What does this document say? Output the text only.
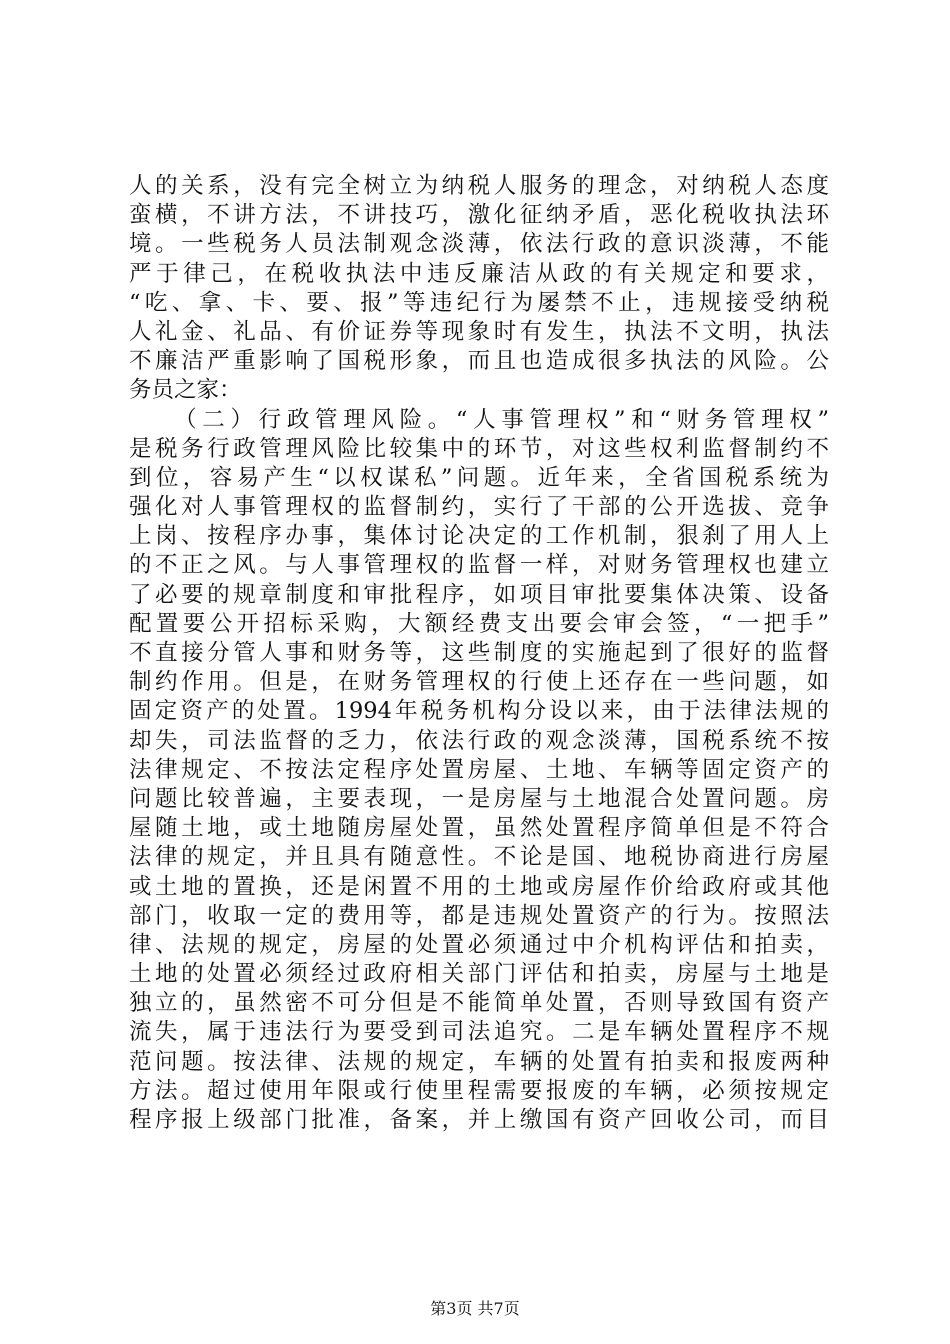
人的关系，没有完全树立为纳税人服务的理念，对纳税人态度
蛮横，不讲方法，不讲技巧，激化征纳矛盾，恶化税收执法环
境。一些税务人员法制观念淡薄，依法行政的意识淡薄，不能
严于律己，在税收执法中违反廉洁从政的有关规定和要求，
“吃、拿、卡、要、报”等违纪行为屡禁不止，违规接受纳税
人礼金、礼品、有价证券等现象时有发生，执法不文明，执法
不廉洁严重影响了国税形象，而且也造成很多执法的风险。公
务员之家：
　　（二）行政管理风险。“人事管理权”和“财务管理权”
是税务行政管理风险比较集中的环节，对这些权利监督制约不
到位，容易产生“以权谋私”问题。近年来，全省国税系统为
强化对人事管理权的监督制约，实行了干部的公开选拔、竞争
上岗、按程序办事，集体讨论决定的工作机制，狠刹了用人上
的不正之风。与人事管理权的监督一样，对财务管理权也建立
了必要的规章制度和审批程序，如项目审批要集体决策、设备
配置要公开招标采购，大额经费支出要会审会签，“一把手”
不直接分管人事和财务等，这些制度的实施起到了很好的监督
制约作用。但是，在财务管理权的行使上还存在一些问题，如
固定资产的处置。1994年税务机构分设以来，由于法律法规的
却失，司法监督的乏力，依法行政的观念淡薄，国税系统不按
法律规定、不按法定程序处置房屋、土地、车辆等固定资产的
问题比较普遍，主要表现，一是房屋与土地混合处置问题。房
屋随土地，或土地随房屋处置，虽然处置程序简单但是不符合
法律的规定，并且具有随意性。不论是国、地税协商进行房屋
或土地的置换，还是闲置不用的土地或房屋作价给政府或其他
部门，收取一定的费用等，都是违规处置资产的行为。按照法
律、法规的规定，房屋的处置必须通过中介机构评估和拍卖，
土地的处置必须经过政府相关部门评估和拍卖，房屋与土地是
独立的，虽然密不可分但是不能简单处置，否则导致国有资产
流失，属于违法行为要受到司法追究。二是车辆处置程序不规
范问题。按法律、法规的规定，车辆的处置有拍卖和报废两种
方法。超过使用年限或行使里程需要报废的车辆，必须按规定
程序报上级部门批准，备案，并上缴国有资产回收公司，而目
第3页 共7页
